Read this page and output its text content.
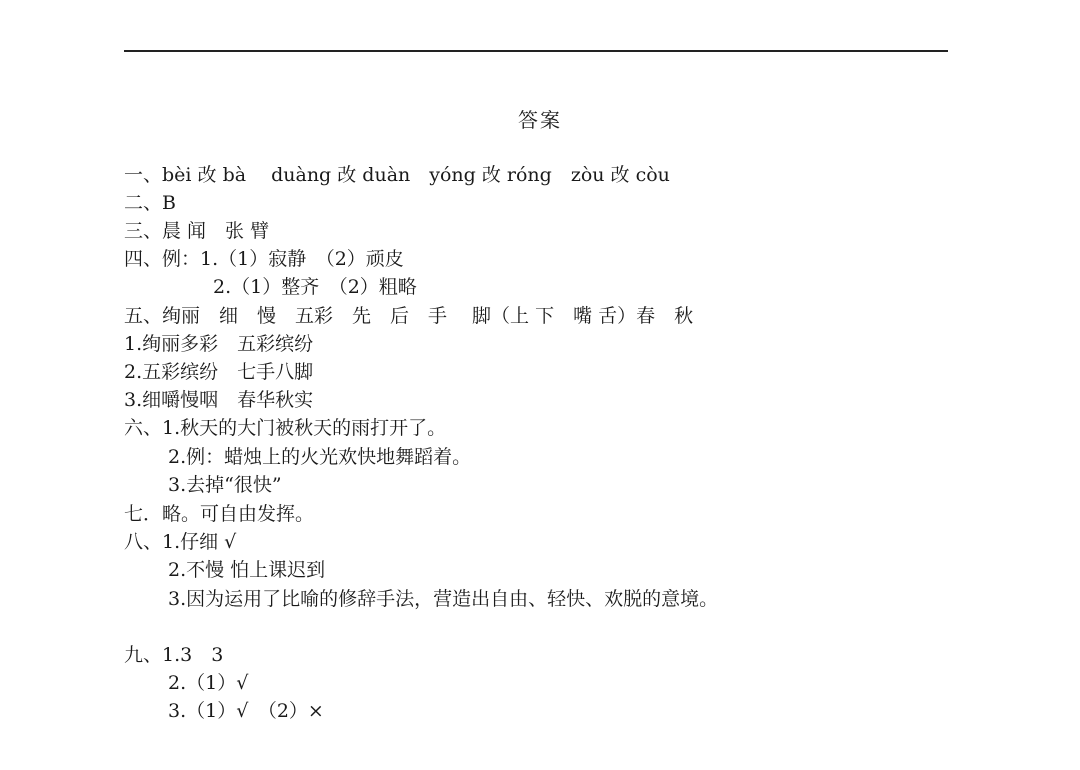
答案
一、bèi 改 bà　 duàng 改 duàn　yóng 改 róng　zòu 改 còu
二、B
三、晨 闻　张 臂
四、例：1.（1）寂静　（2）顽皮
2.（1）整齐　（2）粗略
五、绚丽　细　慢　五彩　先　后　手　 脚（上 下　嘴 舌）春　秋
1.绚丽多彩　五彩缤纷
2.五彩缤纷　七手八脚
3.细嚼慢咽　春华秋实
六、1.秋天的大门被秋天的雨打开了。
2.例：蜡烛上的火光欢快地舞蹈着。
3.去掉“很快”
七．略。可自由发挥。
八、1.仔细 √
2.不慢 怕上课迟到
3.因为运用了比喻的修辞手法，营造出自由、轻快、欢脱的意境。
九、1.3　3
2.（1）√
3.（1）√　（2）×
